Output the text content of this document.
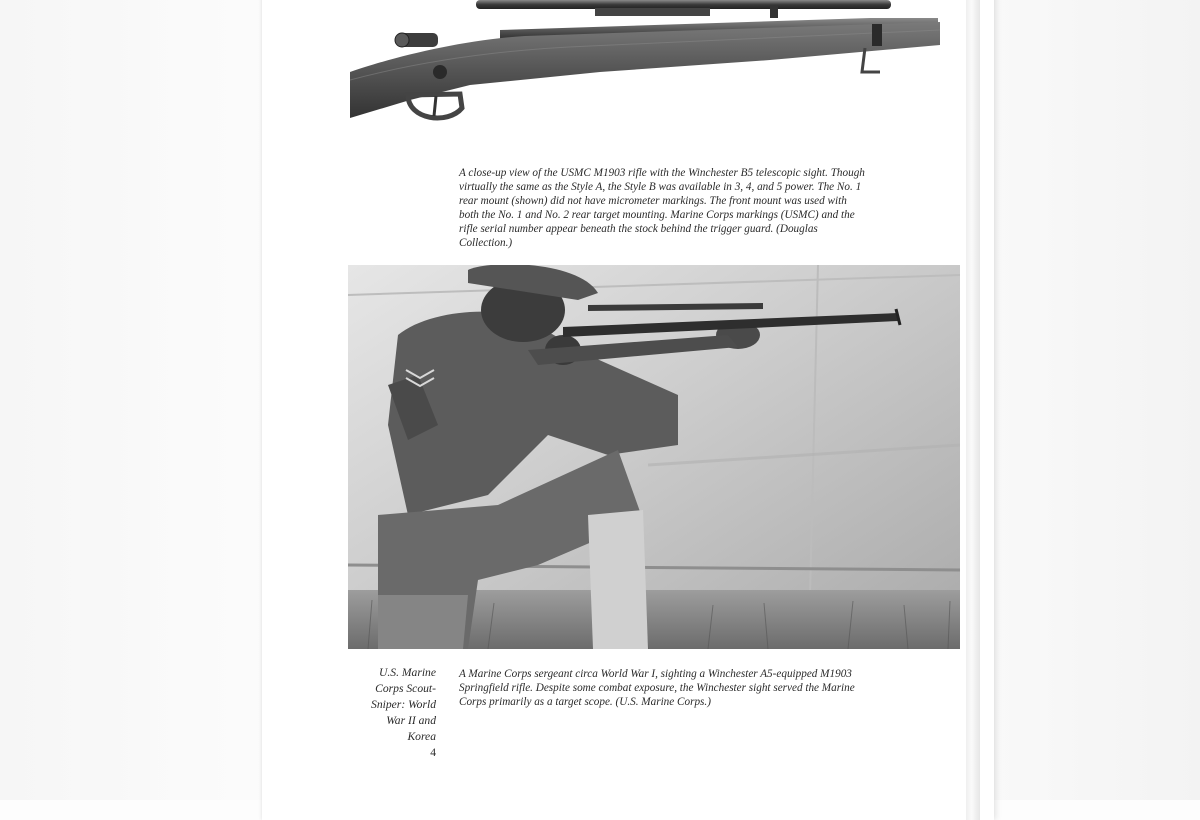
A close-up view of the USMC M1903 rifle with the Winchester B5 telescopic sight. Though virtually the same as the Style A, the Style B was available in 3, 4, and 5 power. The No. 1 rear mount (shown) did not have micrometer markings. The front mount was used with both the No. 1 and No. 2 rear target mounting. Marine Corps markings (USMC) and the rifle serial number appear beneath the stock behind the trigger guard. (Douglas Collection.)

U.S. Marine
Corps Scout-
Sniper: World
War II and
Korea
4

A Marine Corps sergeant circa World War I, sighting a Winchester A5-equipped M1903 Springfield rifle. Despite some combat exposure, the Winchester sight served the Marine Corps primarily as a target scope. (U.S. Marine Corps.)
